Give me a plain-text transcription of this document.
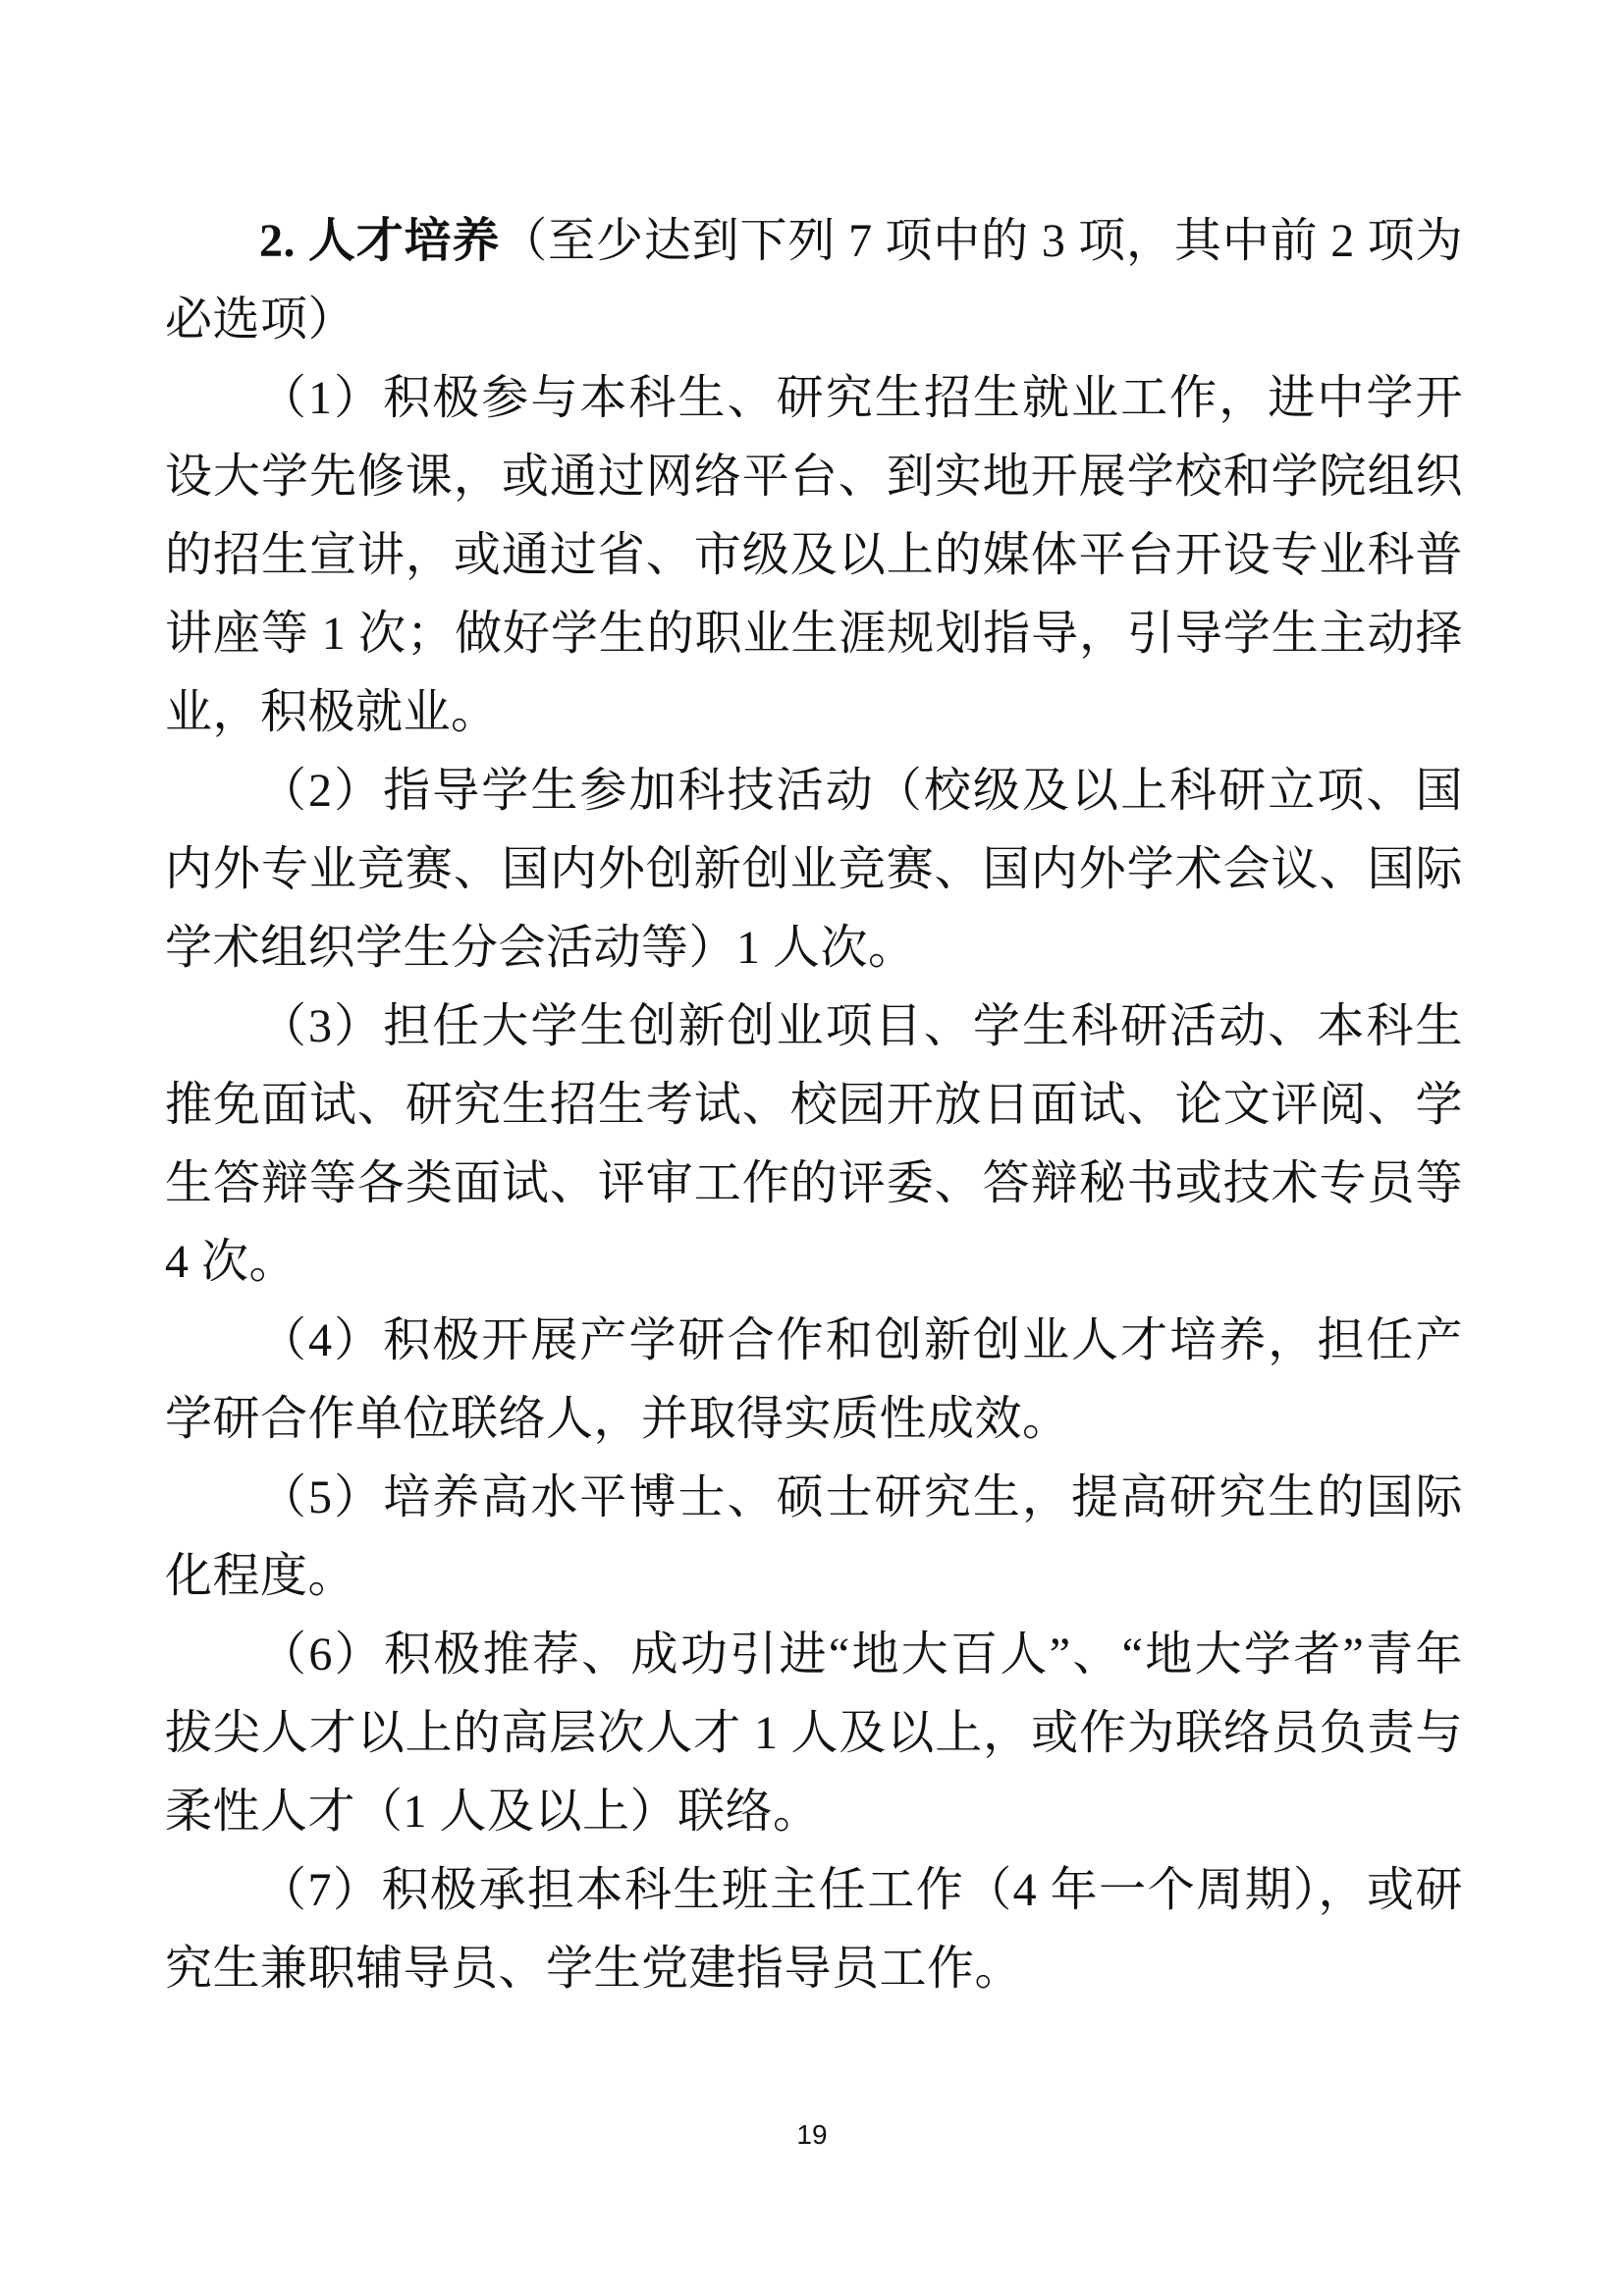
2. 人才培养（至少达到下列 7 项中的 3 项，其中前 2 项为必选项）

（1）积极参与本科生、研究生招生就业工作，进中学开设大学先修课，或通过网络平台、到实地开展学校和学院组织的招生宣讲，或通过省、市级及以上的媒体平台开设专业科普讲座等 1 次；做好学生的职业生涯规划指导，引导学生主动择业，积极就业。

（2）指导学生参加科技活动（校级及以上科研立项、国内外专业竞赛、国内外创新创业竞赛、国内外学术会议、国际学术组织学生分会活动等）1 人次。

（3）担任大学生创新创业项目、学生科研活动、本科生推免面试、研究生招生考试、校园开放日面试、论文评阅、学生答辩等各类面试、评审工作的评委、答辩秘书或技术专员等 4 次。

（4）积极开展产学研合作和创新创业人才培养，担任产学研合作单位联络人，并取得实质性成效。

（5）培养高水平博士、硕士研究生，提高研究生的国际化程度。

（6）积极推荐、成功引进“地大百人”、“地大学者”青年拔尖人才以上的高层次人才 1 人及以上，或作为联络员负责与柔性人才（1 人及以上）联络。

（7）积极承担本科生班主任工作（4 年一个周期），或研究生兼职辅导员、学生党建指导员工作。

19
